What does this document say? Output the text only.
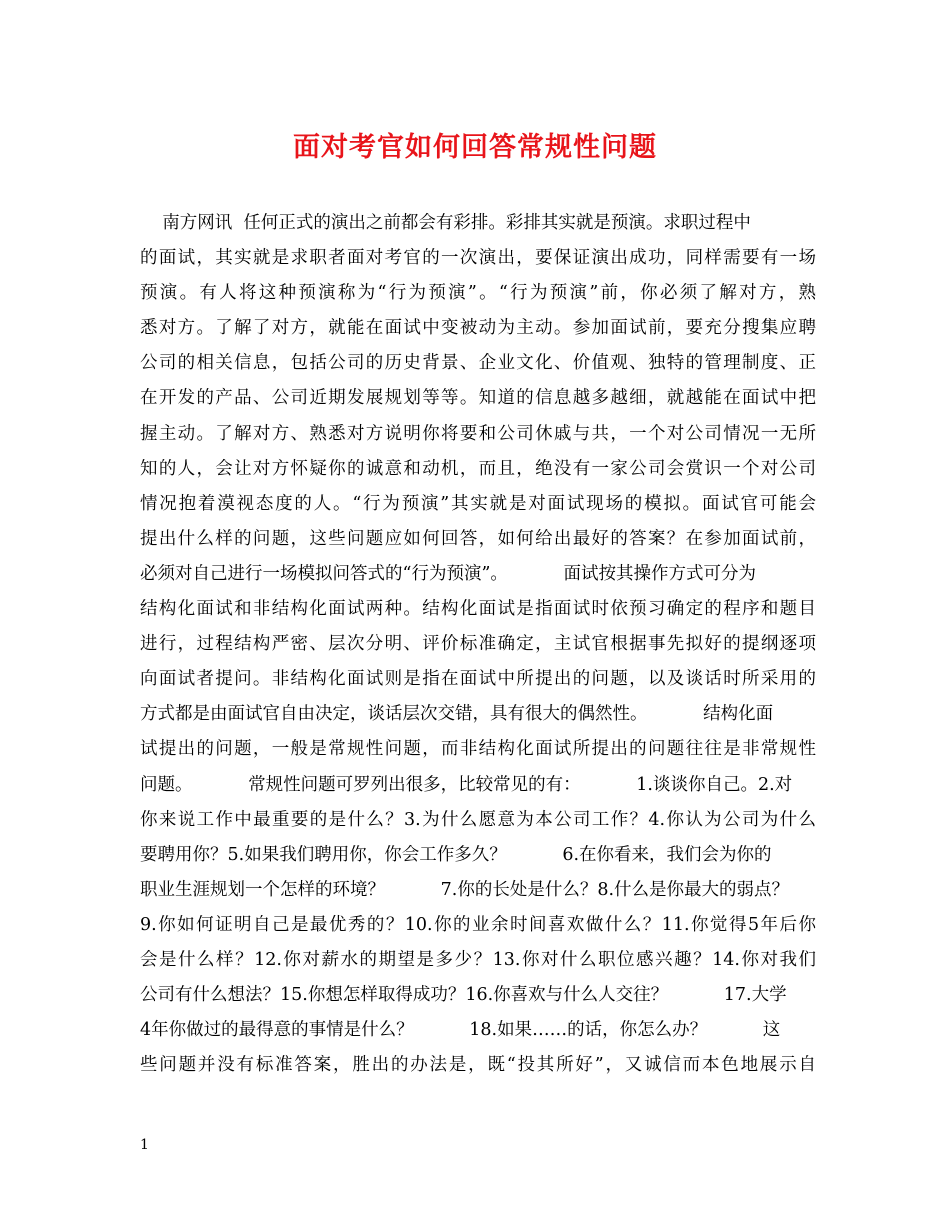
面对考官如何回答常规性问题
南方网讯  任何正式的演出之前都会有彩排。彩排其实就是预演。求职过程中
的面试，其实就是求职者面对考官的一次演出，要保证演出成功，同样需要有一场
预演。有人将这种预演称为“行为预演”。“行为预演”前，你必须了解对方，熟
悉对方。了解了对方，就能在面试中变被动为主动。参加面试前，要充分搜集应聘
公司的相关信息，包括公司的历史背景、企业文化、价值观、独特的管理制度、正
在开发的产品、公司近期发展规划等等。知道的信息越多越细，就越能在面试中把
握主动。了解对方、熟悉对方说明你将要和公司休戚与共，一个对公司情况一无所
知的人，会让对方怀疑你的诚意和动机，而且，绝没有一家公司会赏识一个对公司
情况抱着漠视态度的人。“行为预演”其实就是对面试现场的模拟。面试官可能会
提出什么样的问题，这些问题应如何回答，如何给出最好的答案？在参加面试前，
必须对自己进行一场模拟问答式的“行为预演”。          面试按其操作方式可分为
结构化面试和非结构化面试两种。结构化面试是指面试时依预习确定的程序和题目
进行，过程结构严密、层次分明、评价标准确定，主试官根据事先拟好的提纲逐项
向面试者提问。非结构化面试则是指在面试中所提出的问题，以及谈话时所采用的
方式都是由面试官自由决定，谈话层次交错，具有很大的偶然性。          结构化面
试提出的问题，一般是常规性问题，而非结构化面试所提出的问题往往是非常规性
问题。          常规性问题可罗列出很多，比较常见的有：          1.谈谈你自己。2.对
你来说工作中最重要的是什么？3.为什么愿意为本公司工作？4.你认为公司为什么
要聘用你？5.如果我们聘用你，你会工作多久？          6.在你看来，我们会为你的
职业生涯规划一个怎样的环境？          7.你的长处是什么？8.什么是你最大的弱点？
9.你如何证明自己是最优秀的？10.你的业余时间喜欢做什么？11.你觉得5年后你
会是什么样？12.你对薪水的期望是多少？13.你对什么职位感兴趣？14.你对我们
公司有什么想法？15.你想怎样取得成功？16.你喜欢与什么人交往？          17.大学
4年你做过的最得意的事情是什么？          18.如果……的话，你怎么办？          这
些问题并没有标准答案，胜出的办法是，既“投其所好”，又诚信而本色地展示自
1
